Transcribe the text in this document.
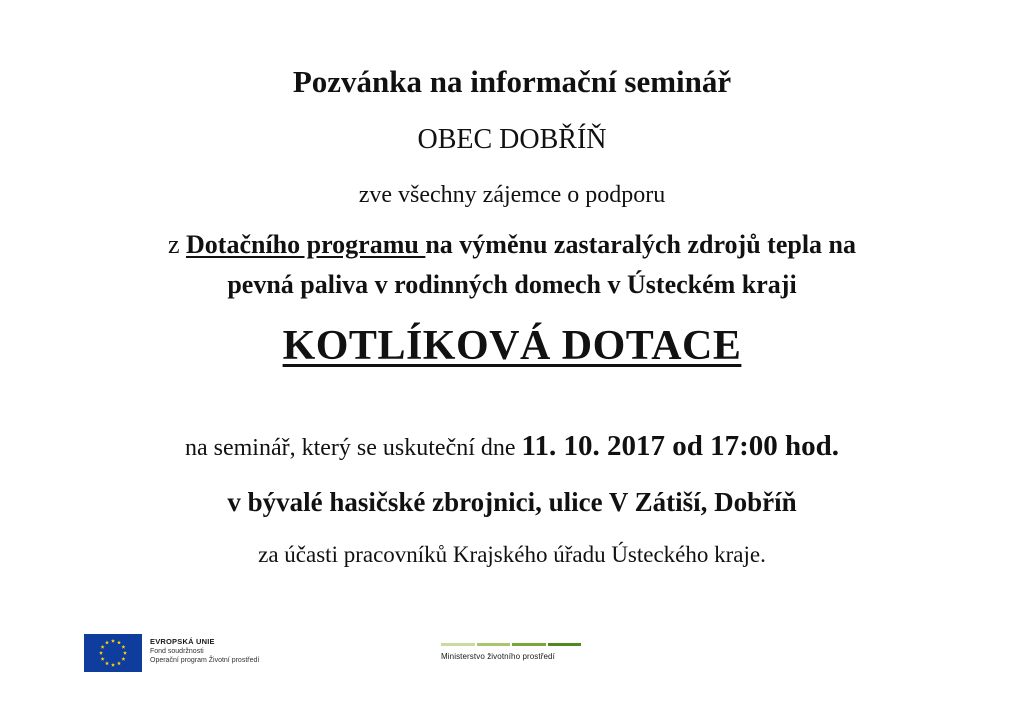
Pozvánka na informační seminář
OBEC DOBŘÍŇ
zve všechny zájemce o podporu
z Dotačního programu na výměnu zastaralých zdrojů tepla na
pevná paliva v rodinných domech v Ústeckém kraji
KOTLÍKOVÁ DOTACE
na seminář, který se uskuteční dne 11. 10. 2017 od 17:00 hod.
v bývalé hasičské zbrojnici, ulice V Zátiší, Dobříň
za účasti pracovníků Krajského úřadu Ústeckého kraje.
EVROPSKÁ UNIE
Fond soudržnosti
Operační program Životní prostředí	Ministerstvo životního prostředí
